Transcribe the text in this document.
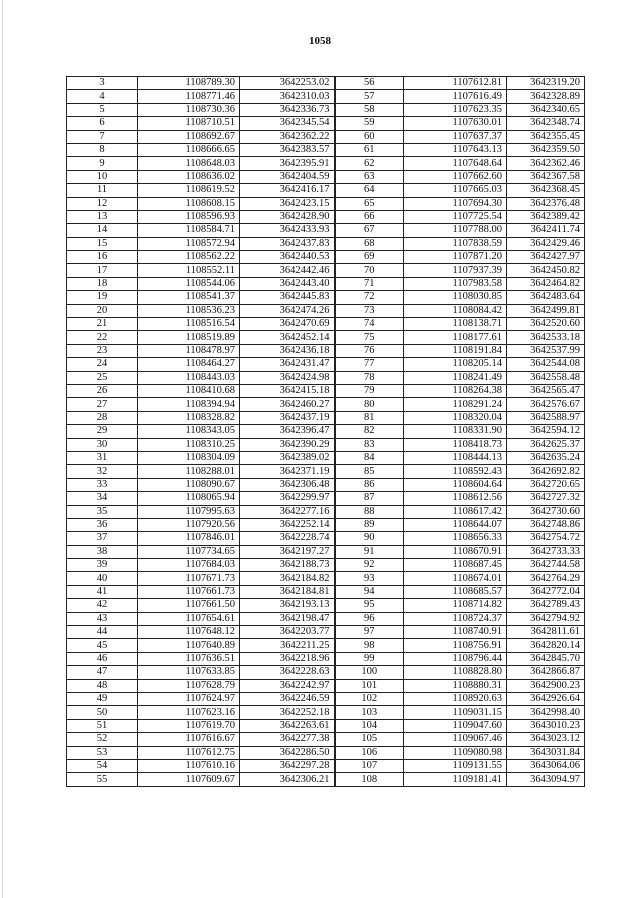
1058
3	1108789.30	3642253.02	56	1107612.81	3642319.20
4	1108771.46	3642310.03	57	1107616.49	3642328.89
5	1108730.36	3642336.73	58	1107623.35	3642340.65
6	1108710.51	3642345.54	59	1107630.01	3642348.74
7	1108692.67	3642362.22	60	1107637.37	3642355.45
8	1108666.65	3642383.57	61	1107643.13	3642359.50
9	1108648.03	3642395.91	62	1107648.64	3642362.46
10	1108636.02	3642404.59	63	1107662.60	3642367.58
11	1108619.52	3642416.17	64	1107665.03	3642368.45
12	1108608.15	3642423.15	65	1107694.30	3642376.48
13	1108596.93	3642428.90	66	1107725.54	3642389.42
14	1108584.71	3642433.93	67	1107788.00	3642411.74
15	1108572.94	3642437.83	68	1107838.59	3642429.46
16	1108562.22	3642440.53	69	1107871.20	3642427.97
17	1108552.11	3642442.46	70	1107937.39	3642450.82
18	1108544.06	3642443.40	71	1107983.58	3642464.82
19	1108541.37	3642445.83	72	1108030.85	3642483.64
20	1108536.23	3642474.26	73	1108084.42	3642499.81
21	1108516.54	3642470.69	74	1108138.71	3642520.60
22	1108519.89	3642452.14	75	1108177.61	3642533.18
23	1108478.97	3642436.18	76	1108191.84	3642537.99
24	1108464.27	3642431.47	77	1108205.14	3642544.08
25	1108443.03	3642424.98	78	1108241.49	3642558.48
26	1108410.68	3642415.18	79	1108264.38	3642565.47
27	1108394.94	3642460.27	80	1108291.24	3642576.67
28	1108328.82	3642437.19	81	1108320.04	3642588.97
29	1108343.05	3642396.47	82	1108331.90	3642594.12
30	1108310.25	3642390.29	83	1108418.73	3642625.37
31	1108304.09	3642389.02	84	1108444.13	3642635.24
32	1108288.01	3642371.19	85	1108592.43	3642692.82
33	1108090.67	3642306.48	86	1108604.64	3642720.65
34	1108065.94	3642299.97	87	1108612.56	3642727.32
35	1107995.63	3642277.16	88	1108617.42	3642730.60
36	1107920.56	3642252.14	89	1108644.07	3642748.86
37	1107846.01	3642228.74	90	1108656.33	3642754.72
38	1107734.65	3642197.27	91	1108670.91	3642733.33
39	1107684.03	3642188.73	92	1108687.45	3642744.58
40	1107671.73	3642184.82	93	1108674.01	3642764.29
41	1107661.73	3642184.81	94	1108685.57	3642772.04
42	1107661.50	3642193.13	95	1108714.82	3642789.43
43	1107654.61	3642198.47	96	1108724.37	3642794.92
44	1107648.12	3642203.77	97	1108740.91	3642811.61
45	1107640.89	3642211.25	98	1108756.91	3642820.14
46	1107636.51	3642218.96	99	1108796.44	3642845.70
47	1107633.85	3642228.63	100	1108828.80	3642866.87
48	1107628.79	3642242.97	101	1108880.31	3642900.23
49	1107624.97	3642246.59	102	1108920.63	3642926.64
50	1107623.16	3642252.18	103	1109031.15	3642998.40
51	1107619.70	3642263.61	104	1109047.60	3643010.23
52	1107616.67	3642277.38	105	1109067.46	3643023.12
53	1107612.75	3642286.50	106	1109080.98	3643031.84
54	1107610.16	3642297.28	107	1109131.55	3643064.06
55	1107609.67	3642306.21	108	1109181.41	3643094.97
